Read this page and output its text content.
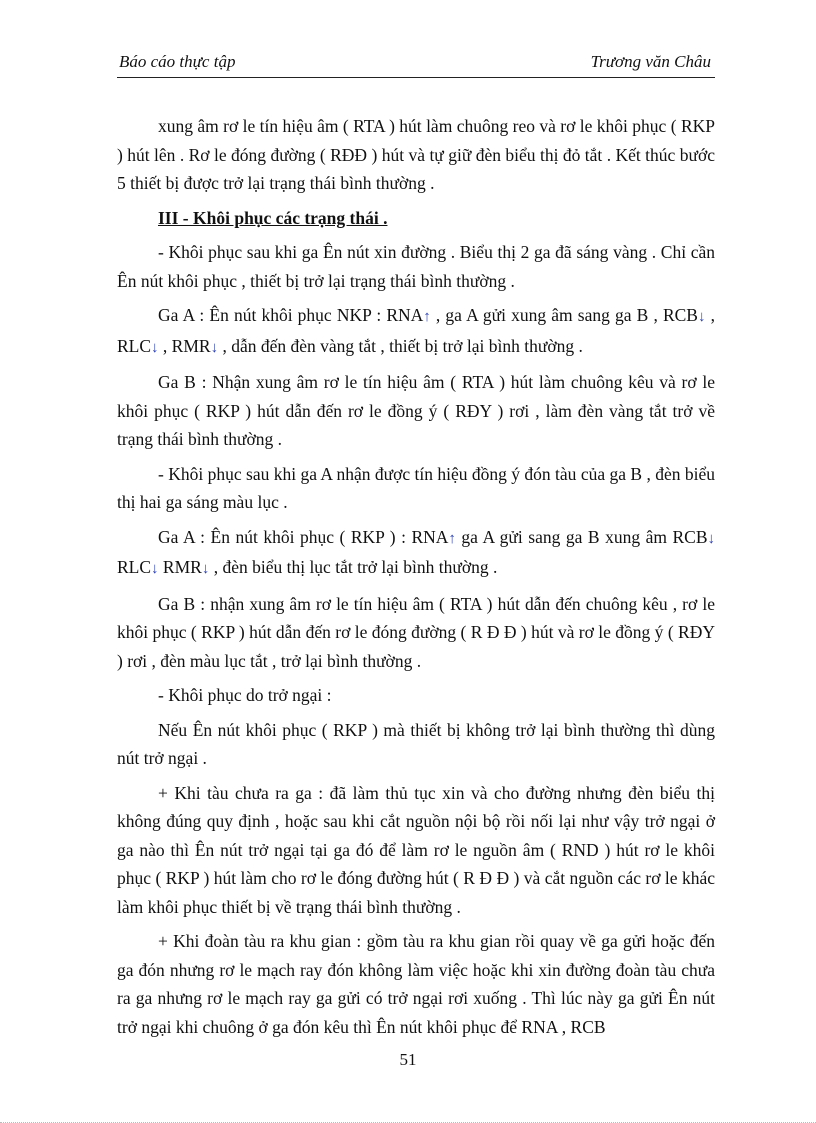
Báo cáo thực tập	Trương văn Châu

xung âm rơ le tín hiệu âm ( RTA ) hút làm chuông reo và rơ le khôi phục ( RKP ) hút lên . Rơ le đóng đường ( RĐĐ ) hút và tự giữ đèn biểu thị đỏ tắt . Kết thúc bước 5 thiết bị được trở lại trạng thái bình thường .

III - Khôi phục các trạng thái .

- Khôi phục sau khi ga Ên nút xin đường . Biểu thị 2 ga đã sáng vàng . Chỉ cần Ên nút khôi phục , thiết bị trở lại trạng thái bình thường .

Ga A : Ên nút khôi phục NKP : RNA↑ , ga A gửi xung âm sang ga B , RCB↓ , RLC↓ , RMR↓ , dẫn đến đèn vàng tắt , thiết bị trở lại bình thường .

Ga B : Nhận xung âm rơ le tín hiệu âm ( RTA ) hút làm chuông kêu và rơ le khôi phục ( RKP ) hút dẫn đến rơ le đồng ý ( RĐY ) rơi , làm đèn vàng tắt trở về trạng thái bình thường .

- Khôi phục sau khi ga A nhận được tín hiệu đồng ý đón tàu của ga B , đèn biểu thị hai ga sáng màu lục .

Ga A : Ên nút khôi phục ( RKP ) : RNA↑ ga A gửi sang ga B xung âm RCB↓ RLC↓ RMR↓ , đèn biểu thị lục tắt trở lại bình thường .

Ga B : nhận xung âm rơ le tín hiệu âm ( RTA ) hút dẫn đến chuông kêu , rơ le khôi phục ( RKP ) hút dẫn đến rơ le đóng đường ( R Đ Đ ) hút và rơ le đồng ý ( RĐY ) rơi , đèn màu lục tắt , trở lại bình thường .

- Khôi phục do trở ngại :

Nếu Ên nút khôi phục ( RKP ) mà thiết bị không trở lại bình thường thì dùng nút trở ngại .

+ Khi tàu chưa ra ga : đã làm thủ tục xin và cho đường nhưng đèn biểu thị không đúng quy định , hoặc sau khi cắt nguồn nội bộ rồi nối lại như vậy trở ngại ở ga nào thì Ên nút trở ngại tại ga đó để làm rơ le nguồn âm ( RND ) hút rơ le khôi phục ( RKP ) hút làm cho rơ le đóng đường hút ( R Đ Đ ) và cắt nguồn các rơ le khác làm khôi phục thiết bị về trạng thái bình thường .

+ Khi đoàn tàu ra khu gian : gồm tàu ra khu gian rồi quay về ga gửi hoặc đến ga đón nhưng rơ le mạch ray đón không làm việc hoặc khi xin đường đoàn tàu chưa ra ga nhưng rơ le mạch ray ga gửi có trở ngại rơi xuống . Thì lúc này ga gửi Ên nút trở ngại khi chuông ở ga đón kêu thì Ên nút khôi phục để RNA , RCB

51
